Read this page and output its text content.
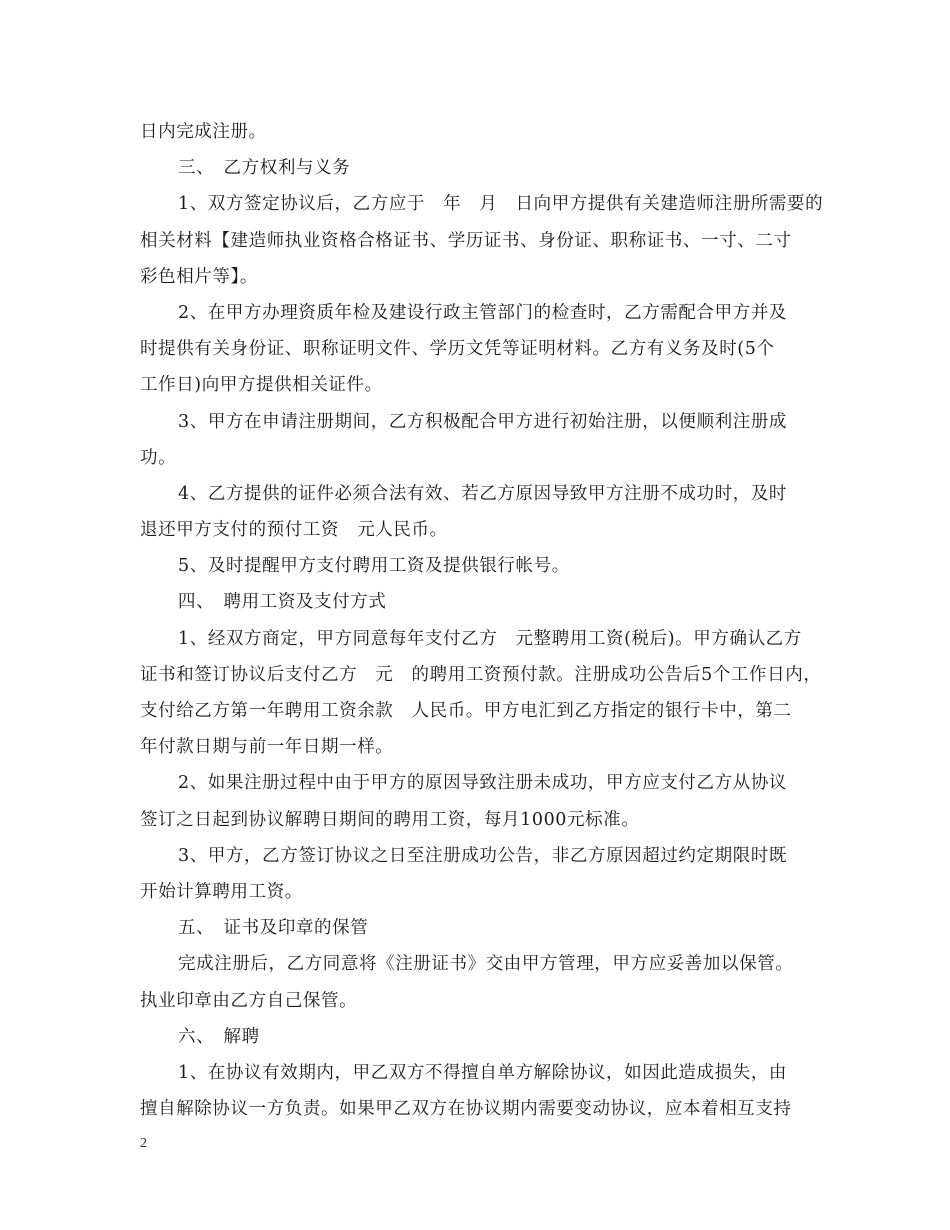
日内完成注册。
三、　乙方权利与义务
1、双方签定协议后，乙方应于　年　月　日向甲方提供有关建造师注册所需要的
相关材料【建造师执业资格合格证书、学历证书、身份证、职称证书、一寸、二寸
彩色相片等】。
2、在甲方办理资质年检及建设行政主管部门的检查时，乙方需配合甲方并及
时提供有关身份证、职称证明文件、学历文凭等证明材料。乙方有义务及时(5个
工作日)向甲方提供相关证件。
3、甲方在申请注册期间，乙方积极配合甲方进行初始注册，以便顺利注册成
功。
4、乙方提供的证件必须合法有效、若乙方原因导致甲方注册不成功时，及时
退还甲方支付的预付工资　元人民币。
5、及时提醒甲方支付聘用工资及提供银行帐号。
四、　聘用工资及支付方式
1、经双方商定，甲方同意每年支付乙方　元整聘用工资(税后)。甲方确认乙方
证书和签订协议后支付乙方　元　的聘用工资预付款。注册成功公告后5个工作日内，
支付给乙方第一年聘用工资余款　人民币。甲方电汇到乙方指定的银行卡中，第二
年付款日期与前一年日期一样。
2、如果注册过程中由于甲方的原因导致注册未成功，甲方应支付乙方从协议
签订之日起到协议解聘日期间的聘用工资，每月1000元标准。
3、甲方，乙方签订协议之日至注册成功公告，非乙方原因超过约定期限时既
开始计算聘用工资。
五、　证书及印章的保管
完成注册后，乙方同意将《注册证书》交由甲方管理，甲方应妥善加以保管。
执业印章由乙方自己保管。
六、　解聘
1、在协议有效期内，甲乙双方不得擅自单方解除协议，如因此造成损失，由
擅自解除协议一方负责。如果甲乙双方在协议期内需要变动协议，应本着相互支持
2
